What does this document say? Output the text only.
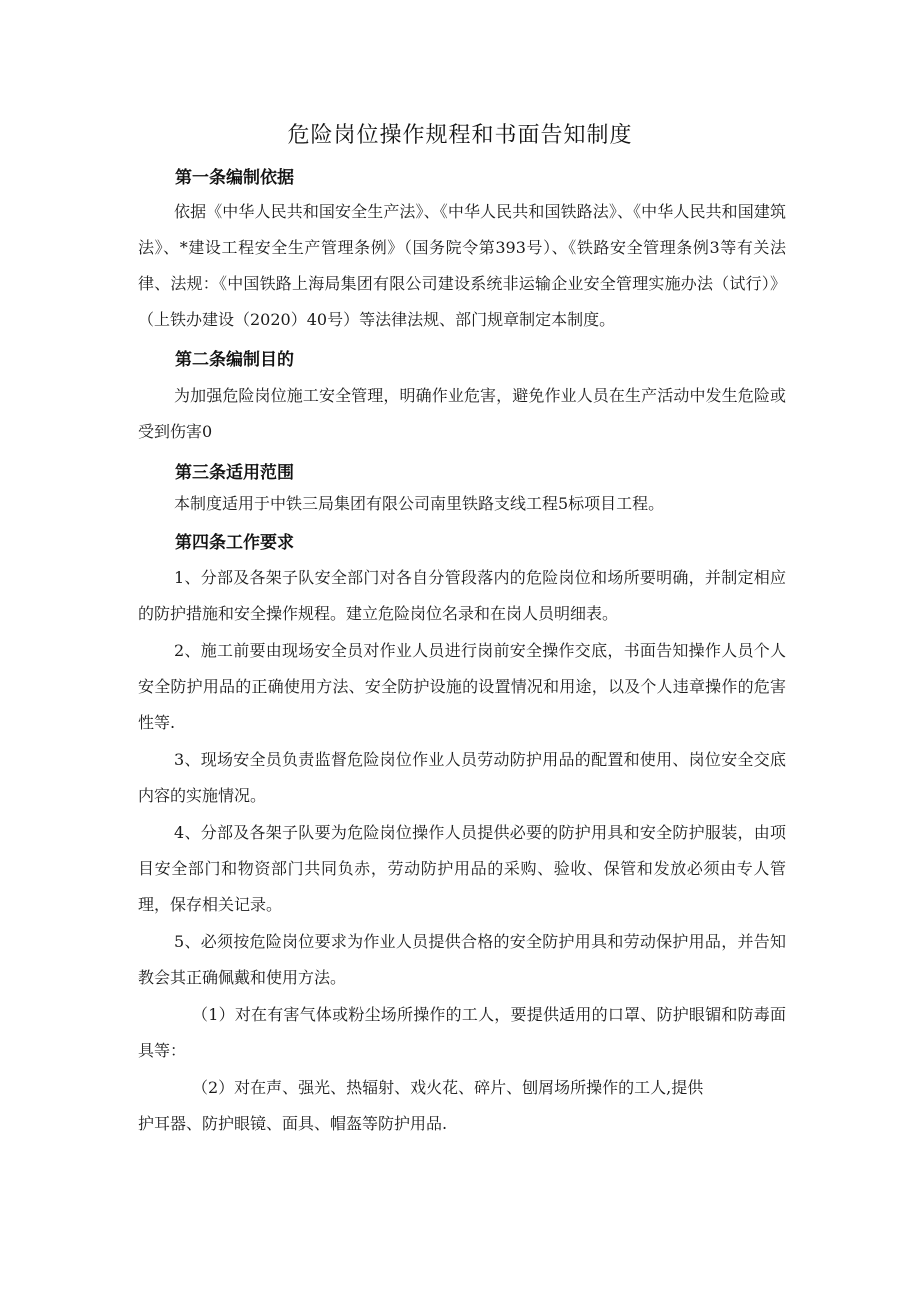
危险岗位操作规程和书面告知制度
第一条编制依据
依据《中华人民共和国安全生产法》、《中华人民共和国铁路法》、《中华人民共和国建筑法》、*建设工程安全生产管理条例》（国务院令第393号）、《铁路安全管理条例3等有关法律、法规：《中国铁路上海局集团有限公司建设系统非运输企业安全管理实施办法（试行）》（上铁办建设（2020）40号）等法律法规、部门规章制定本制度。
第二条编制目的
为加强危险岗位施工安全管理，明确作业危害，避免作业人员在生产活动中发生危险或受到伤害0
第三条适用范围
本制度适用于中铁三局集团有限公司南里铁路支线工程5标项目工程。
第四条工作要求
1、分部及各架子队安全部门对各自分管段落内的危险岗位和场所要明确，并制定相应的防护措施和安全操作规程。建立危险岗位名录和在岗人员明细表。
2、施工前要由现场安全员对作业人员进行岗前安全操作交底，书面告知操作人员个人安全防护用品的正确使用方法、安全防护设施的设置情况和用途，以及个人违章操作的危害性等.
3、现场安全员负责监督危险岗位作业人员劳动防护用品的配置和使用、岗位安全交底内容的实施情况。
4、分部及各架子队要为危险岗位操作人员提供必要的防护用具和安全防护服装，由项目安全部门和物资部门共同负赤，劳动防护用品的采购、验收、保管和发放必须由专人管理，保存相关记录。
5、必须按危险岗位要求为作业人员提供合格的安全防护用具和劳动保护用品，并告知教会其正确佩戴和使用方法。
（1）对在有害气体或粉尘场所操作的工人，要提供适用的口罩、防护眼镅和防毒面具等：
（2）对在声、强光、热辐射、戏火花、碎片、刨屑场所操作的工人,提供
护耳器、防护眼镜、面具、帽盔等防护用品.
